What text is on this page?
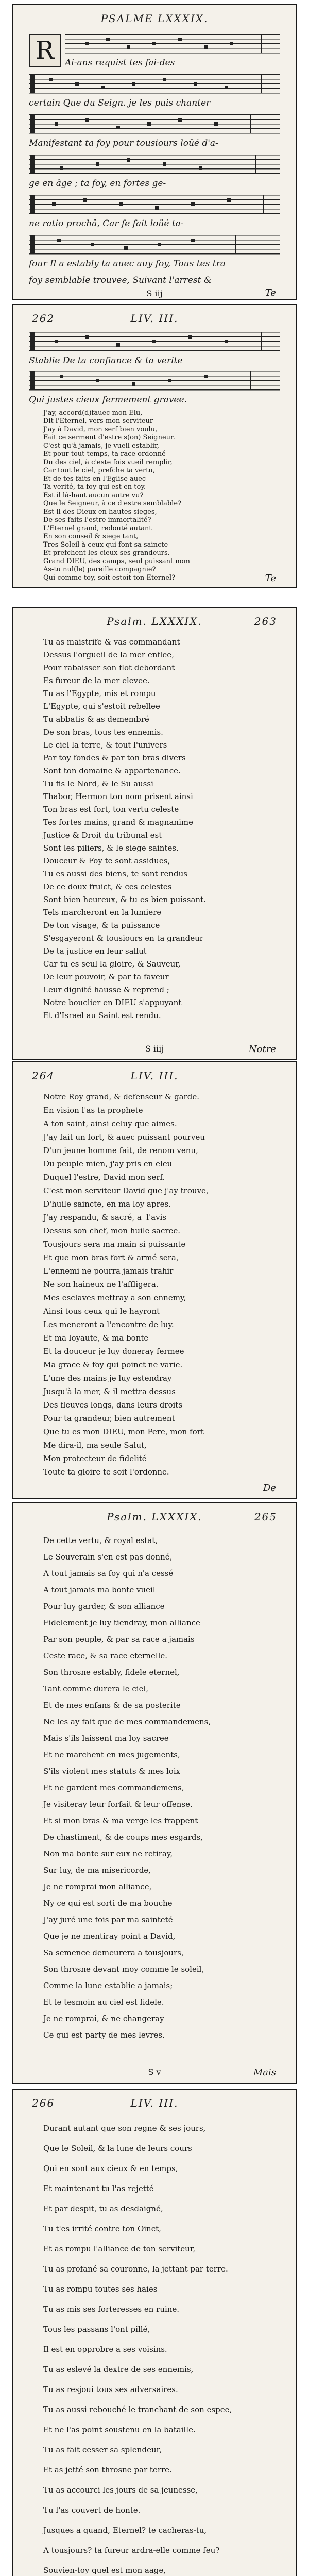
PSALME LXXXIX.
R	Ai-ans requist tes fai-des
certain Que du Seign. je les puis chanter
Manifestant ta foy pour tousiours loüé d'a-
ge en âge ; ta foy, en fortes ge-
ne ratio prochâ, Car fe fait loüé ta-
four Il a estably ta auec auy foy, Tous tes tra
foy semblable trouvee, Suivant l'arrest &
S iij	Te
262	LIV. III.
Stablie De ta confiance & ta verite
Qui justes cieux fermement gravee.
J'ay, accord(d)fauec mon Elu,
Dit l'Eternel, vers mon serviteur
J'ay à David, mon serf bien voulu,
Fait ce serment d'estre s(on) Seigneur.
C'est qu'à jamais, je vueil establir,
Et pour tout temps, ta race ordonné
Du des ciel, à c'este fois vueil remplir,
Car tout le ciel, prefche ta vertu,
Et de tes faits en l'Eglise auec
Ta verité, ta foy qui est en toy.
Est il là-haut aucun autre vu?
Que le Seigneur, à ce d'estre semblable?
Est il des Dieux en hautes sieges,
De ses faits l'estre immortalité?
L'Eternel grand, redouté autant
En son conseil & siege tant,
Tres Soleil à ceux qui font sa saincte
Et prefchent les cieux ses grandeurs.
Grand DIEU, des camps, seul puissant nom
As-tu nul(le) pareille compagnie?
Qui comme toy, soit estoit ton Eternel?	Te
Psalm. LXXXIX.	263
Tu as maistrife & vas commandant
Dessus l'orgueil de la mer enflee,
Pour rabaisser son flot debordant
Es fureur de la mer elevee.
Tu as l'Egypte, mis et rompu
L'Egypte, qui s'estoit rebellee
Tu abbatis & as demembré
De son bras, tous tes ennemis.
Le ciel la terre, & tout l'univers
Par toy fondes & par ton bras divers
Sont ton domaine & appartenance.
Tu fis le Nord, & le Su aussi
Thabor, Hermon ton nom prisent ainsi
Ton bras est fort, ton vertu celeste
Tes fortes mains, grand & magnanime
Justice & Droit du tribunal est
Sont les piliers, & le siege saintes.
Douceur & Foy te sont assidues,
Tu es aussi des biens, te sont rendus
De ce doux fruict, & ces celestes
Sont bien heureux, & tu es bien puissant.
Tels marcheront en la lumiere
De ton visage, & ta puissance
S'esgayeront & tousiours en ta grandeur
De ta justice en leur sallut
Car tu es seul la gloire, & Sauveur,
De leur pouvoir, & par ta faveur
Leur dignité hausse & reprend ;
Notre bouclier en DIEU s'appuyant
Et d'Israel au Saint est rendu.
S iiij	Notre
264	LIV. III.
Notre Roy grand, & defenseur & garde.
En vision l'as ta prophete
A ton saint, ainsi celuy que aimes.
J'ay fait un fort, & auec puissant pourveu
D'un jeune homme fait, de renom venu,
Du peuple mien, j'ay pris en eleu
Duquel l'estre, David mon serf.
C'est mon serviteur David que j'ay trouve,
D'huile saincte, en ma loy apres.
J'ay respandu, & sacré, a  l'avis
Dessus son chef, mon huile sacree.
Tousjours sera ma main si puissante
Et que mon bras fort & armé sera,
L'ennemi ne pourra jamais trahir
Ne son haineux ne l'affligera.
Mes esclaves mettray a son ennemy,
Ainsi tous ceux qui le hayront
Les meneront a l'encontre de luy.
Et ma loyaute, & ma bonte
Et la douceur je luy doneray fermee
Ma grace & foy qui poinct ne varie.
L'une des mains je luy estendray
Jusqu'à la mer, & il mettra dessus
Des fleuves longs, dans leurs droits
Pour ta grandeur, bien autrement
Que tu es mon DIEU, mon Pere, mon fort
Me dira-il, ma seule Salut,
Mon protecteur de fidelité
Toute ta gloire te soit l'ordonne.
De
Psalm. LXXXIX.	265
De cette vertu, & royal estat,
Le Souverain s'en est pas donné,
A tout jamais sa foy qui n'a cessé
A tout jamais ma bonte vueil
Pour luy garder, & son alliance
Fidelement je luy tiendray, mon alliance
Par son peuple, & par sa race a jamais
Ceste race, & sa race eternelle.
Son throsne estably, fidele eternel,
Tant comme durera le ciel,
Et de mes enfans & de sa posterite
Ne les ay fait que de mes commandemens,
Mais s'ils laissent ma loy sacree
Et ne marchent en mes jugements,
S'ils violent mes statuts & mes loix
Et ne gardent mes commandemens,
Je visiteray leur forfait & leur offense.
Et si mon bras & ma verge les frappent
De chastiment, & de coups mes esgards,
Non ma bonte sur eux ne retiray,
Sur luy, de ma misericorde,
Je ne romprai mon alliance,
Ny ce qui est sorti de ma bouche
J'ay juré une fois par ma sainteté
Que je ne mentiray point a David,
Sa semence demeurera a tousjours,
Son throsne devant moy comme le soleil,
Comme la lune establie a jamais;
Et le tesmoin au ciel est fidele.
Je ne romprai, & ne changeray
Ce qui est party de mes levres.
S v	Mais
266	LIV. III.
Durant autant que son regne & ses jours,
Que le Soleil, & la lune de leurs cours
Qui en sont aux cieux & en temps,
Et maintenant tu l'as rejetté
Et par despit, tu as desdaigné,
Tu t'es irrité contre ton Oinct,
Et as rompu l'alliance de ton serviteur,
Tu as profané sa couronne, la jettant par terre.
Tu as rompu toutes ses haies
Tu as mis ses forteresses en ruine.
Tous les passans l'ont pillé,
Il est en opprobre a ses voisins.
Tu as eslevé la dextre de ses ennemis,
Tu as resjoui tous ses adversaires.
Tu as aussi rebouché le tranchant de son espee,
Et ne l'as point soustenu en la bataille.
Tu as fait cesser sa splendeur,
Et as jetté son throsne par terre.
Tu as accourci les jours de sa jeunesse,
Tu l'as couvert de honte.
Jusques a quand, Eternel? te cacheras-tu,
A tousjours? ta fureur ardra-elle comme feu?
Souvien-toy quel est mon aage,
